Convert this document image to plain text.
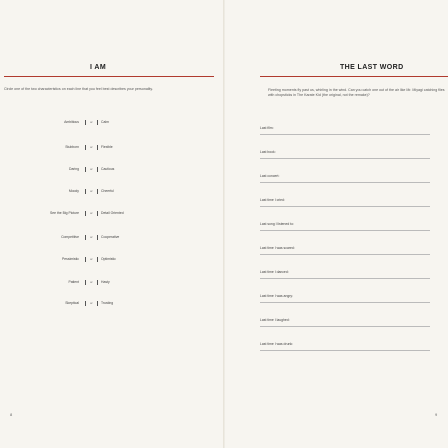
I AM
Circle one of the two characteristics on each line that you feel best describes your personality.
Ambitious	or Calm
Stubborn	or Flexible
Daring	or Cautious
Moody	or Cheerful
See the Big Picture	or Detail Oriented
Competitive	or Cooperative
Pessimistic	or Optimistic
Patient	or Hasty
Skeptical	or Trusting
8
THE LAST WORD
Fleeting moments fly past us, whirling in the wind. Can you catch one out of the air like Mr. Miyagi catching flies with chopsticks in The Karate Kid (the original, not the remake)?
Last film:
Last book:
Last concert:
Last time I cried:
Last song I listened to:
Last time I was scared:
Last time I danced:
Last time I was angry:
Last time I laughed:
Last time I was drunk:
9
